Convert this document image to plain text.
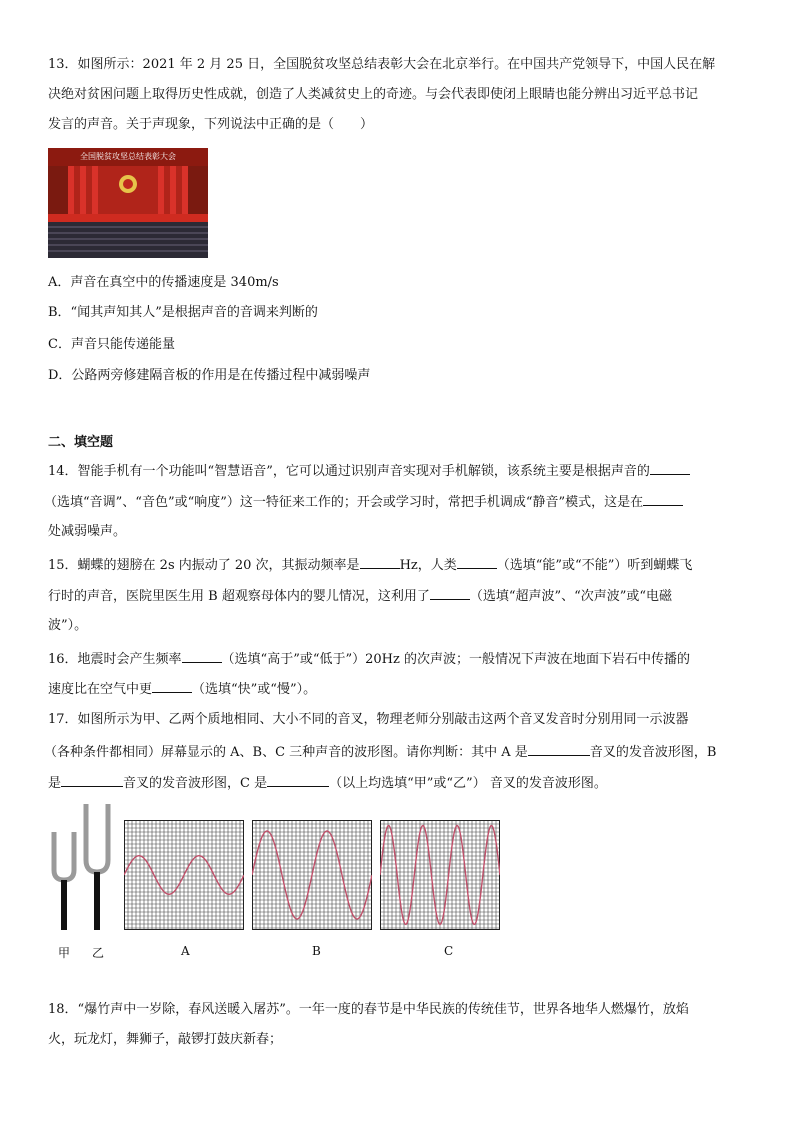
13．如图所示：2021 年 2 月 25 日，全国脱贫攻坚总结表彰大会在北京举行。在中国共产党领导下，中国人民在解
决绝对贫困问题上取得历史性成就，创造了人类减贫史上的奇迹。与会代表即使闭上眼睛也能分辨出习近平总书记
发言的声音。关于声现象，下列说法中正确的是（　　）
全国脱贫攻坚总结表彰大会
A．声音在真空中的传播速度是 340m/s
B．“闻其声知其人”是根据声音的音调来判断的
C．声音只能传递能量
D．公路两旁修建隔音板的作用是在传播过程中减弱噪声
二、填空题
14．智能手机有一个功能叫“智慧语音”，它可以通过识别声音实现对手机解锁，该系统主要是根据声音的
（选填“音调”、“音色”或“响度”）这一特征来工作的；开会或学习时，常把手机调成“静音”模式，这是在
处减弱噪声。
15．蝴蝶的翅膀在 2s 内振动了 20 次，其振动频率是	Hz，人类	（选填“能”或“不能”）听到蝴蝶飞
行时的声音，医院里医生用 B 超观察母体内的婴儿情况，这利用了	（选填“超声波”、“次声波”或“电磁
波”）。
16．地震时会产生频率	（选填“高于”或“低于”）20Hz 的次声波；一般情况下声波在地面下岩石中传播的
速度比在空气中更	（选填“快”或“慢”）。
17．如图所示为甲、乙两个质地相同、大小不同的音叉，物理老师分别敲击这两个音叉发音时分别用同一示波器
（各种条件都相同）屏幕显示的 A、B、C 三种声音的波形图。请你判断：其中 A 是	音叉的发音波形图，B
是	音叉的发音波形图，C 是	（以上均选填“甲”或“乙”） 音叉的发音波形图。
甲 乙	A	B	C
18．“爆竹声中一岁除，春风送暖入屠苏”。一年一度的春节是中华民族的传统佳节，世界各地华人燃爆竹，放焰
火，玩龙灯，舞狮子，敲锣打鼓庆新春；
